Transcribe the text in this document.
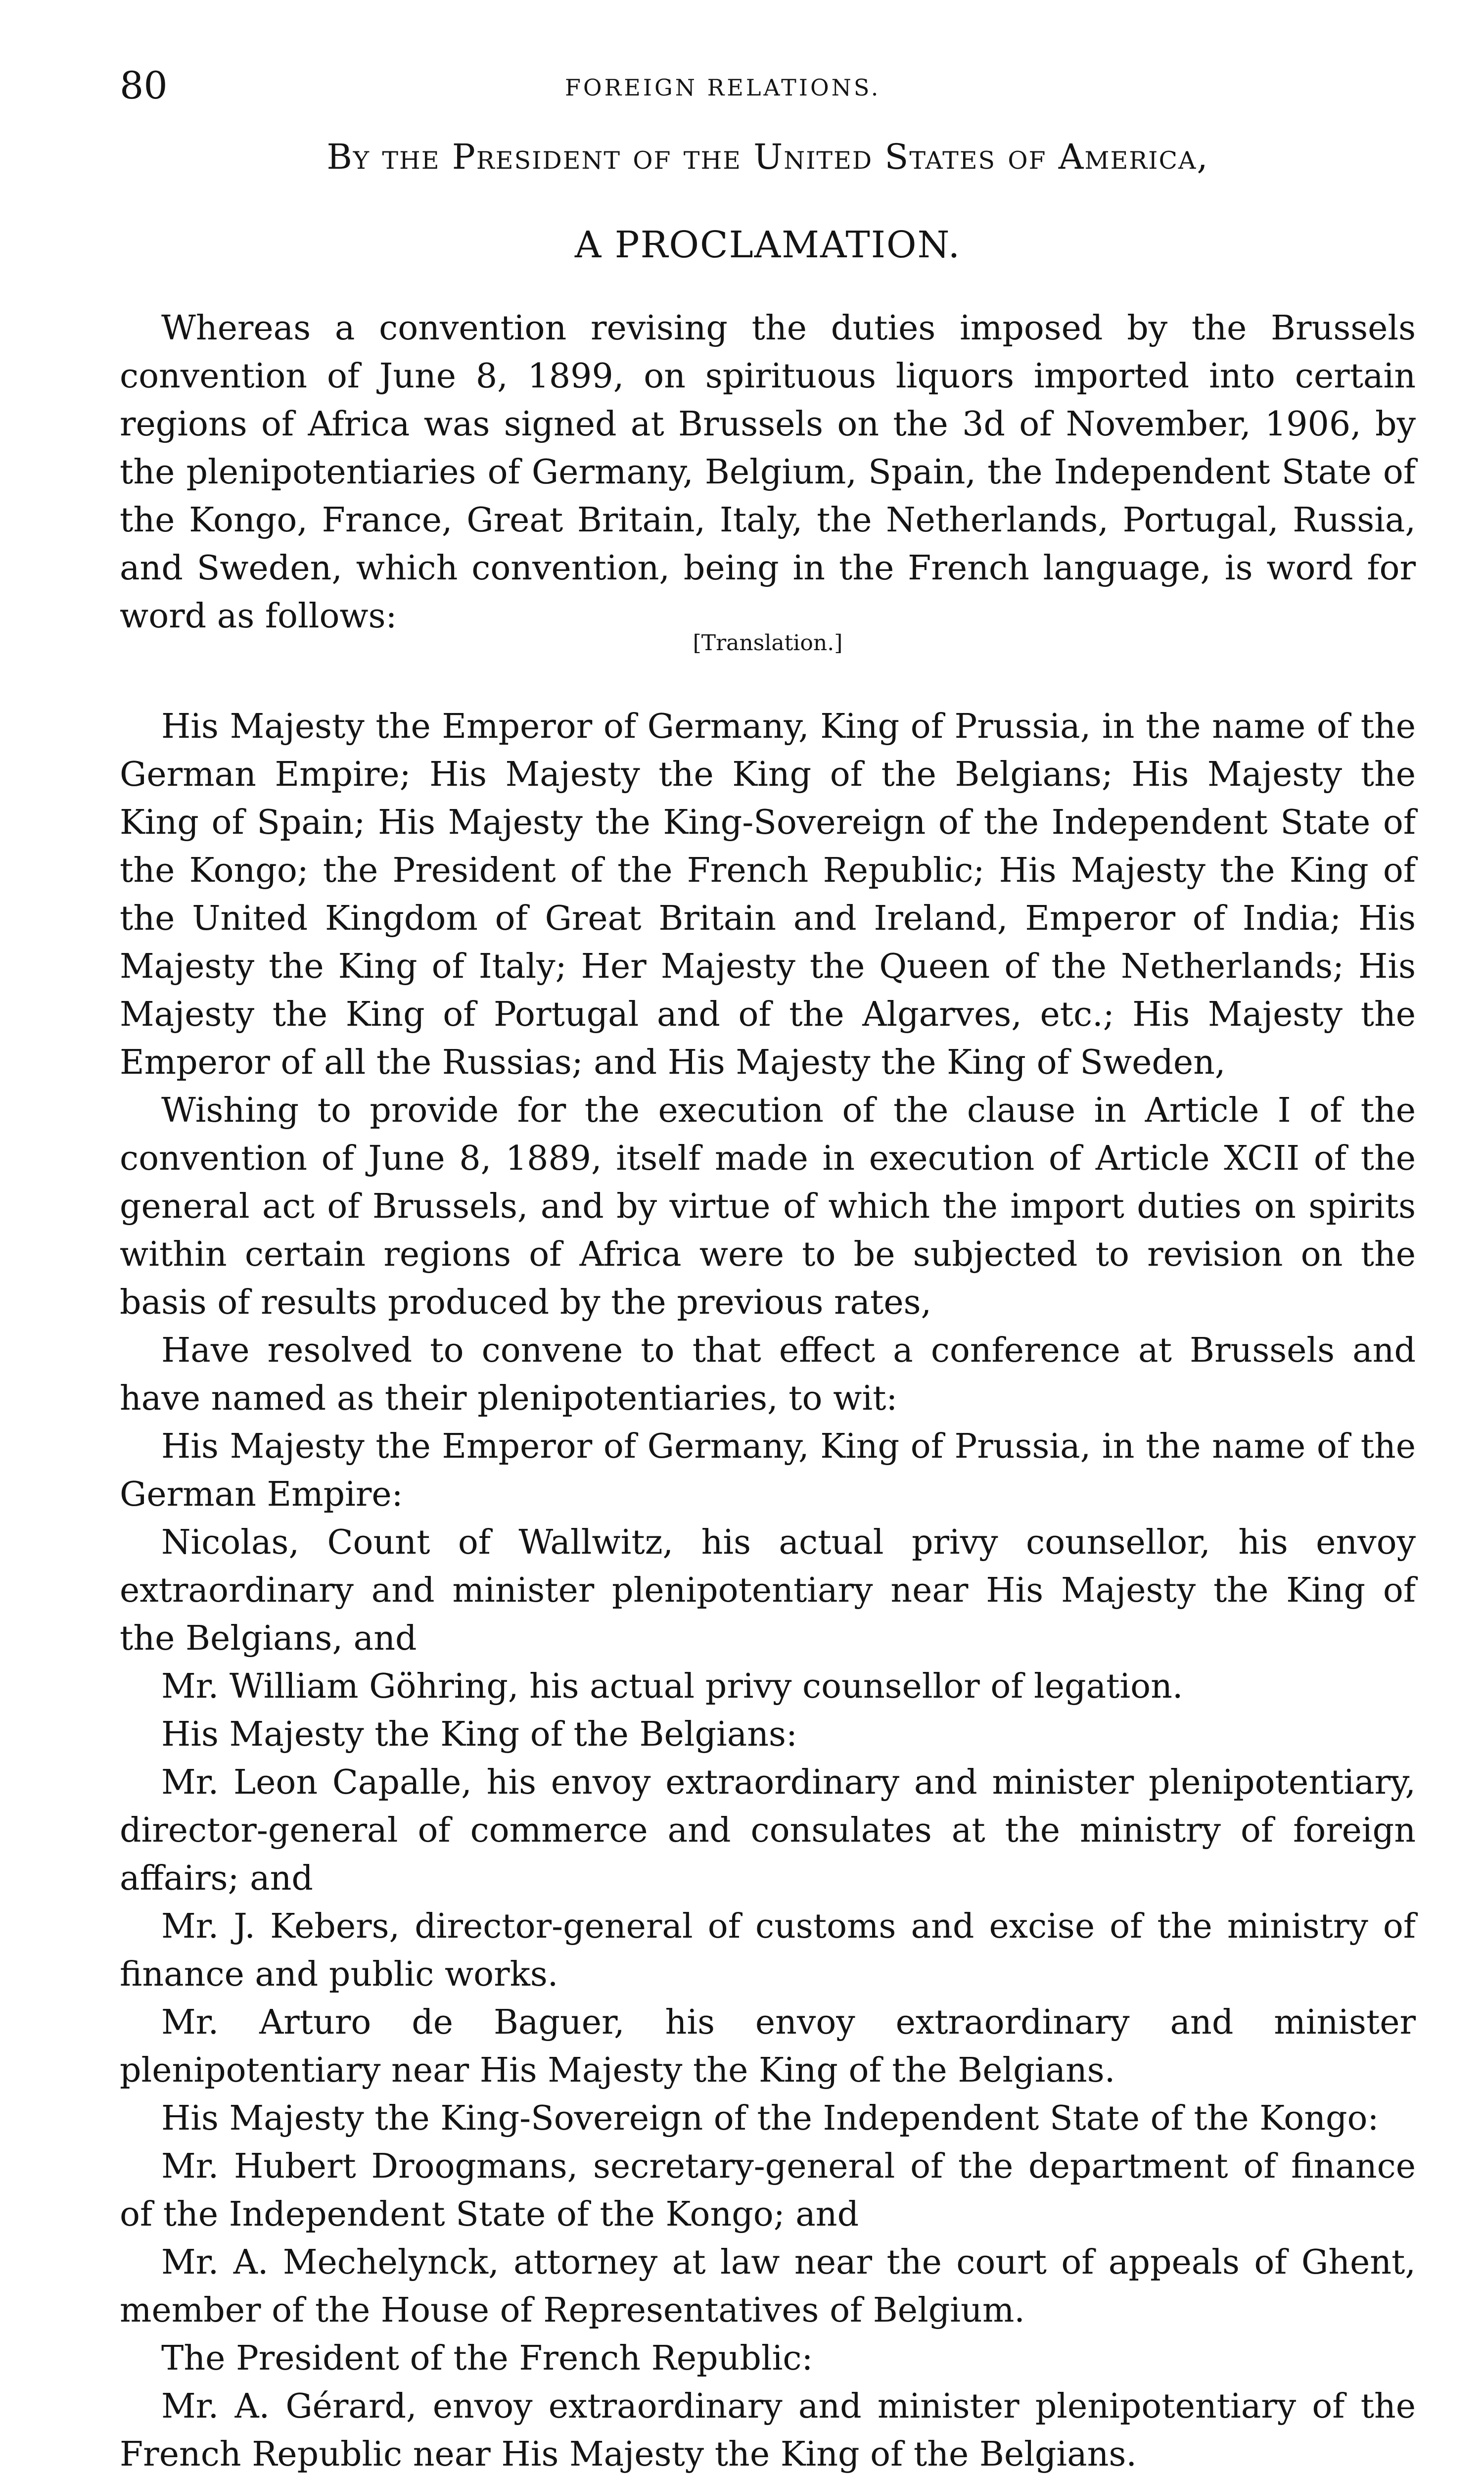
80	FOREIGN RELATIONS.
By the President of the United States of America,
A PROCLAMATION.

Whereas a convention revising the duties imposed by the Brussels convention of June 8, 1899, on spirituous liquors imported into certain regions of Africa was signed at Brussels on the 3d of November, 1906, by the plenipotentiaries of Germany, Belgium, Spain, the Independent State of the Kongo, France, Great Britain, Italy, the Netherlands, Portugal, Russia, and Sweden, which convention, being in the French language, is word for word as follows:

[Translation.]

His Majesty the Emperor of Germany, King of Prussia, in the name of the German Empire; His Majesty the King of the Belgians; His Majesty the King of Spain; His Majesty the King-Sovereign of the Independent State of the Kongo; the President of the French Republic; His Majesty the King of the United Kingdom of Great Britain and Ireland, Emperor of India; His Majesty the King of Italy; Her Majesty the Queen of the Netherlands; His Majesty the King of Portugal and of the Algarves, etc.; His Majesty the Emperor of all the Russias; and His Majesty the King of Sweden,

Wishing to provide for the execution of the clause in Article I of the convention of June 8, 1889, itself made in execution of Article XCII of the general act of Brussels, and by virtue of which the import duties on spirits within certain regions of Africa were to be subjected to revision on the basis of results produced by the previous rates,

Have resolved to convene to that effect a conference at Brussels and have named as their plenipotentiaries, to wit:

His Majesty the Emperor of Germany, King of Prussia, in the name of the German Empire:

Nicolas, Count of Wallwitz, his actual privy counsellor, his envoy extraordinary and minister plenipotentiary near His Majesty the King of the Belgians, and

Mr. William Göhring, his actual privy counsellor of legation.

His Majesty the King of the Belgians:

Mr. Leon Capalle, his envoy extraordinary and minister plenipotentiary, director-general of commerce and consulates at the ministry of foreign affairs; and

Mr. J. Kebers, director-general of customs and excise of the ministry of finance and public works.

Mr. Arturo de Baguer, his envoy extraordinary and minister plenipotentiary near His Majesty the King of the Belgians.

His Majesty the King-Sovereign of the Independent State of the Kongo:

Mr. Hubert Droogmans, secretary-general of the department of finance of the Independent State of the Kongo; and

Mr. A. Mechelynck, attorney at law near the court of appeals of Ghent, member of the House of Representatives of Belgium.

The President of the French Republic:

Mr. A. Gérard, envoy extraordinary and minister plenipotentiary of the French Republic near His Majesty the King of the Belgians.
